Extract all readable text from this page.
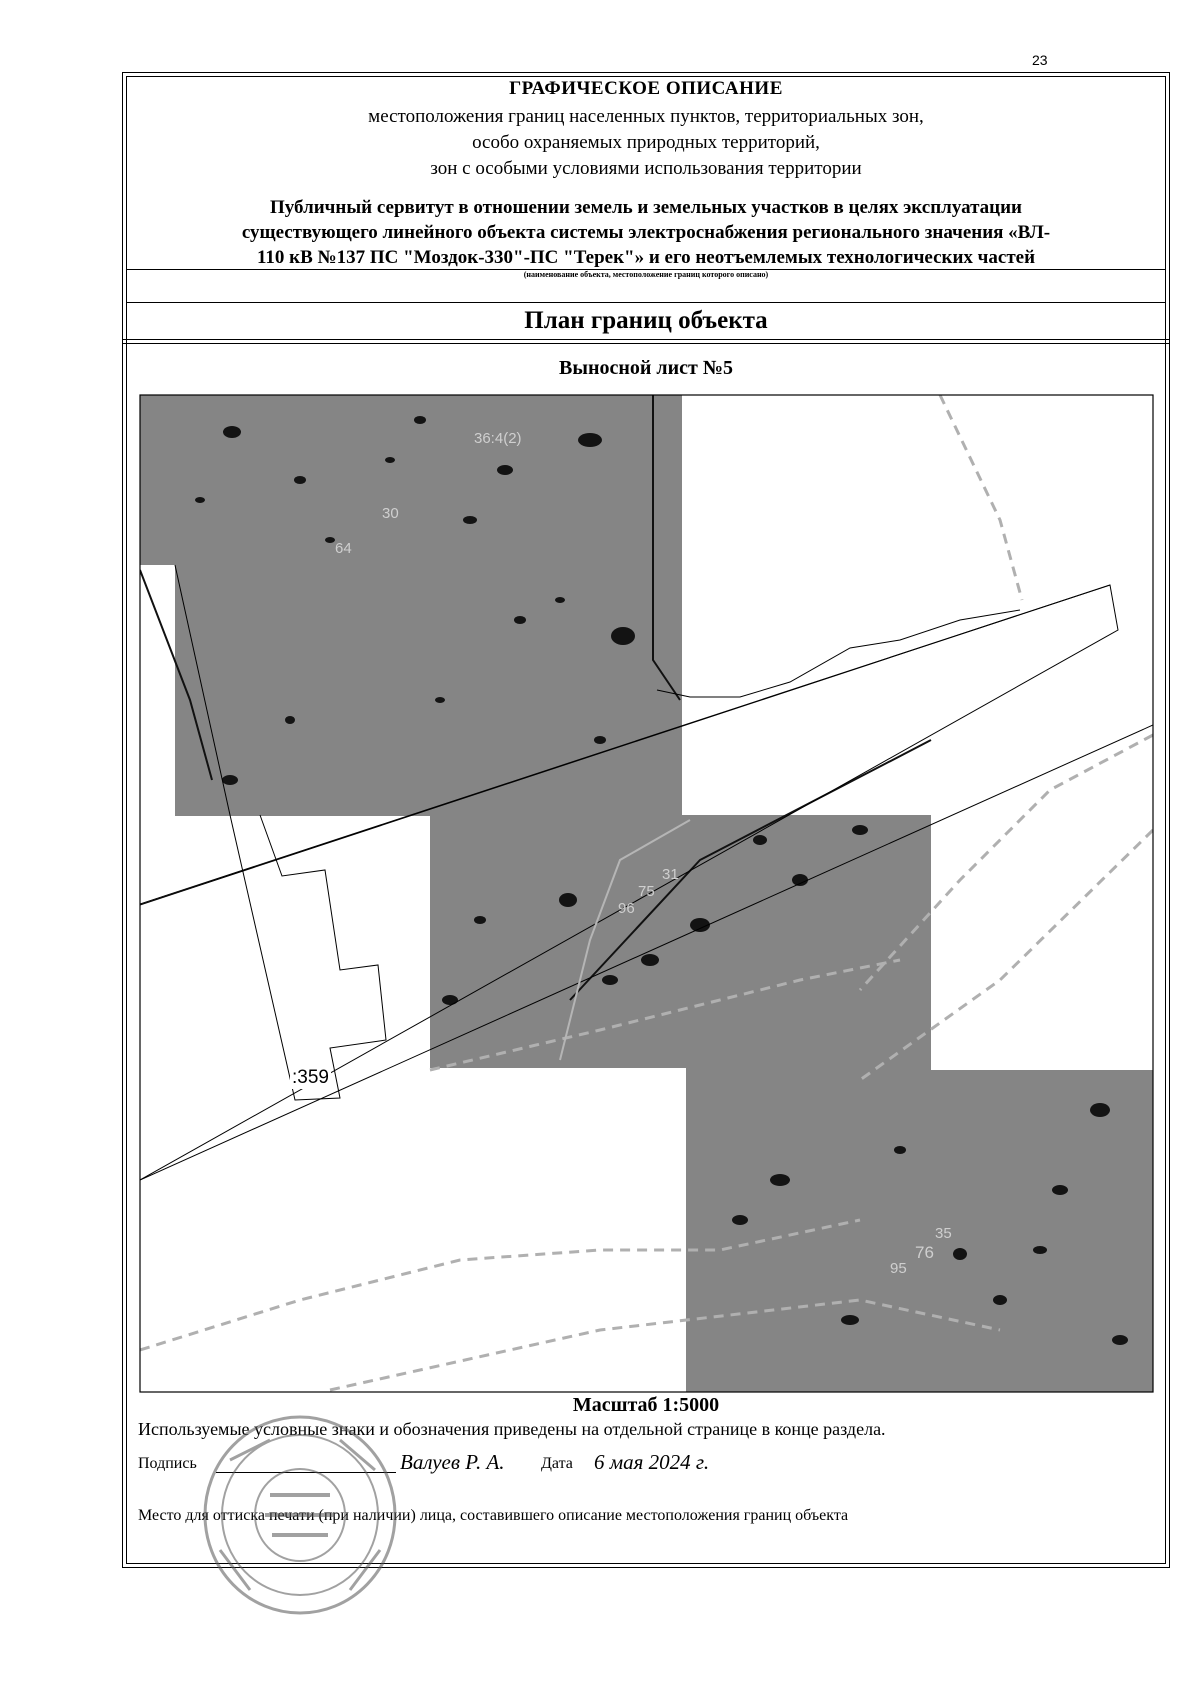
23
ГРАФИЧЕСКОЕ ОПИСАНИЕ
местоположения границ населенных пунктов, территориальных зон,
особо охраняемых природных территорий,
зон с особыми условиями использования территории
Публичный сервитут в отношении земель и земельных участков в целях эксплуатации
существующего линейного объекта системы электроснабжения регионального значения «ВЛ-
110 кВ №137 ПС "Моздок-330"-ПС "Терек"» и его неотъемлемых технологических частей
(наименование объекта, местоположение границ которого описано)
План границ объекта
Выносной лист №5
:359
36:4(2)
30
64
31
75
96
35
76
95
Масштаб 1:5000
Используемые условные знаки и обозначения приведены на отдельной странице в конце раздела.
Подпись	Валуев Р. А. Дата 6 мая 2024 г.
Место для оттиска печати (при наличии) лица, составившего описание местоположения границ объекта
